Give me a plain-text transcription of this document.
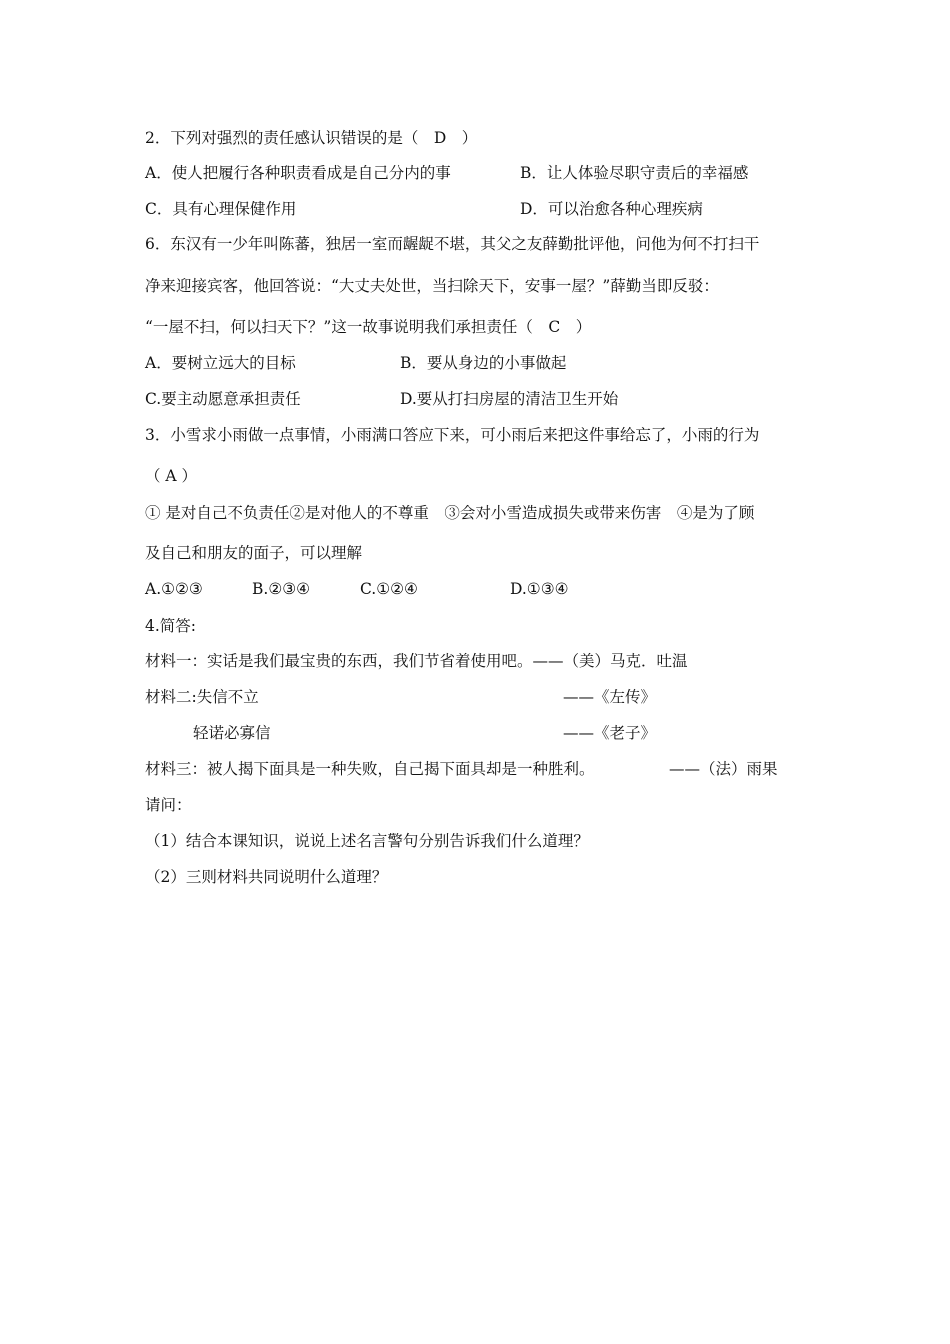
2．下列对强烈的责任感认识错误的是（　D　）
A．使人把履行各种职责看成是自己分内的事	B．让人体验尽职守责后的幸福感
C．具有心理保健作用	D．可以治愈各种心理疾病
6．东汉有一少年叫陈蕃，独居一室而龌龊不堪，其父之友薛勤批评他，问他为何不打扫干
净来迎接宾客，他回答说：“大丈夫处世，当扫除天下，安事一屋？”薛勤当即反驳：
“一屋不扫，何以扫天下？”这一故事说明我们承担责任（　C　）
A．要树立远大的目标	B．要从身边的小事做起
C.要主动愿意承担责任	D.要从打扫房屋的清洁卫生开始
3．小雪求小雨做一点事情，小雨满口答应下来，可小雨后来把这件事给忘了，小雨的行为
（ A ）
① 是对自己不负责任②是对他人的不尊重　③会对小雪造成损失或带来伤害　④是为了顾
及自己和朋友的面子，可以理解
A.①②③	B.②③④	C.①②④	D.①③④
4.简答:
材料一：实话是我们最宝贵的东西，我们节省着使用吧。——（美）马克．吐温
材料二:失信不立	——《左传》
轻诺必寡信	——《老子》
材料三：被人揭下面具是一种失败，自己揭下面具却是一种胜利。	——（法）雨果
请问：
（1）结合本课知识，说说上述名言警句分别告诉我们什么道理？
（2）三则材料共同说明什么道理？
